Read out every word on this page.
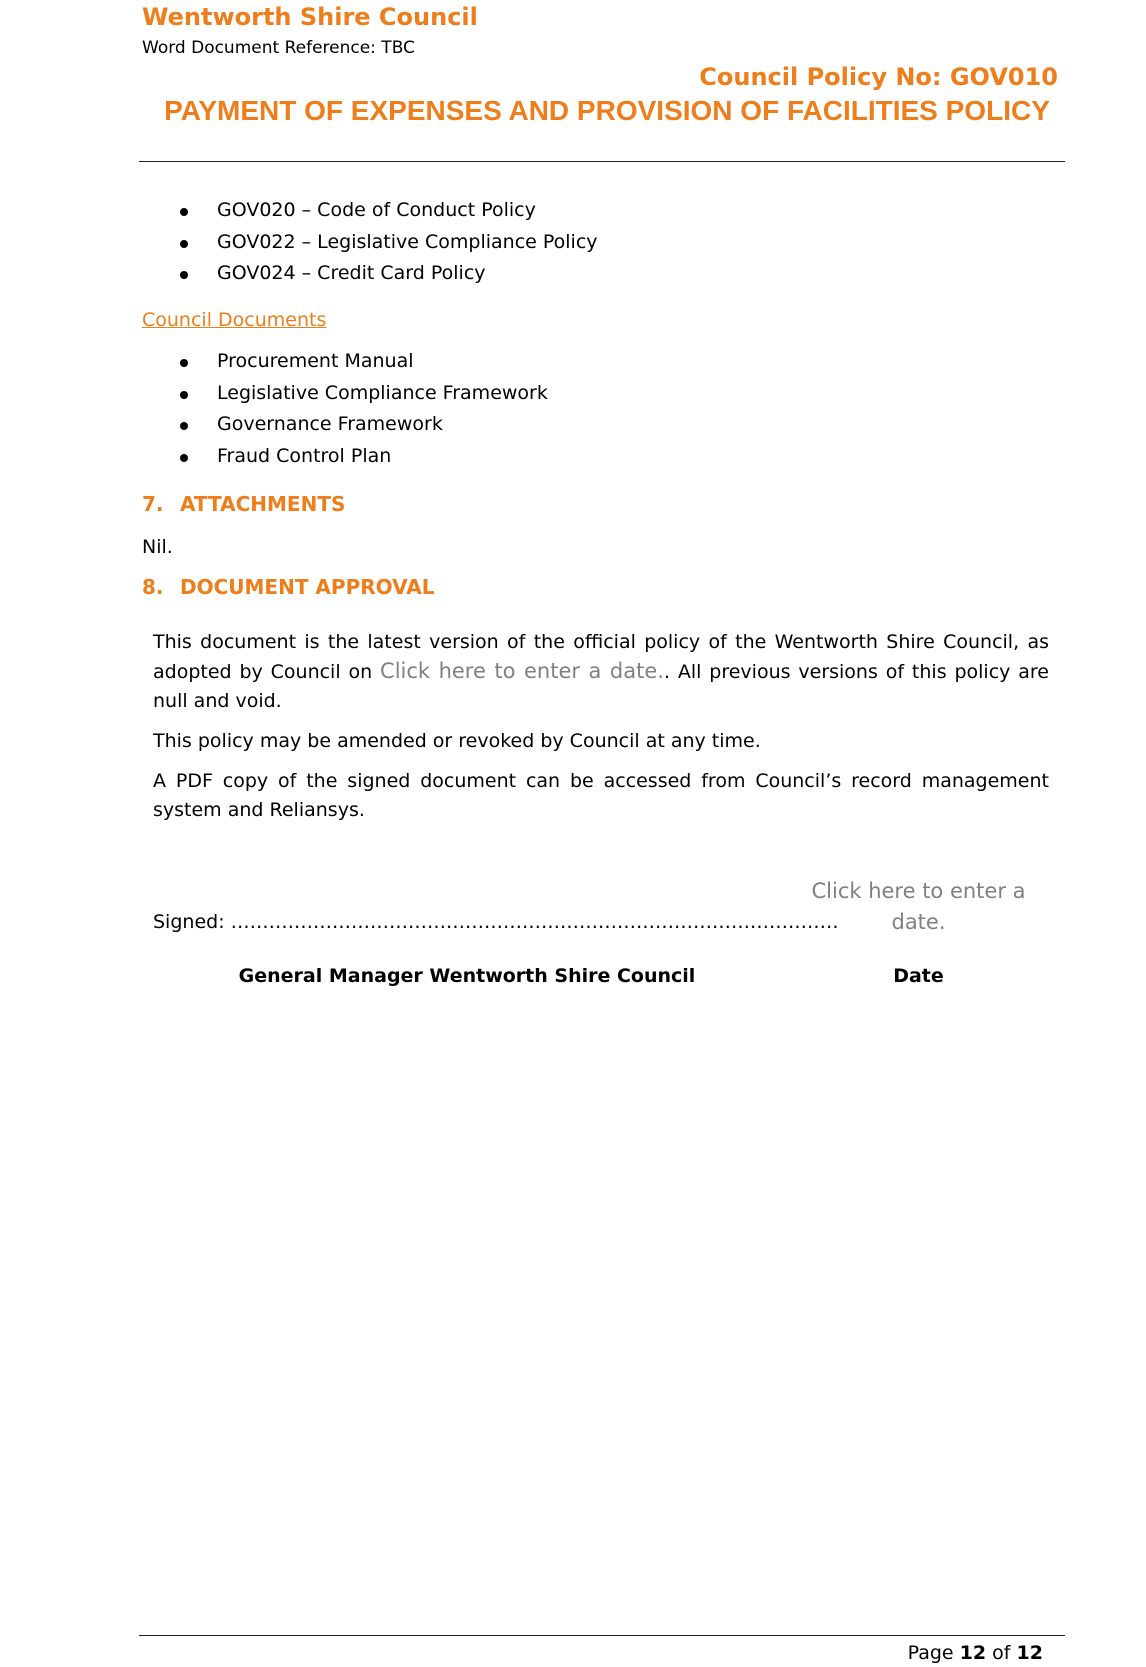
Wentworth Shire Council
Word Document Reference: TBC
Council Policy No: GOV010
PAYMENT OF EXPENSES AND PROVISION OF FACILITIES POLICY
GOV020 – Code of Conduct Policy
GOV022 – Legislative Compliance Policy
GOV024 – Credit Card Policy
Council Documents
Procurement Manual
Legislative Compliance Framework
Governance Framework
Fraud Control Plan
7. ATTACHMENTS
Nil.
8. DOCUMENT APPROVAL

This document is the latest version of the official policy of the Wentworth Shire Council, as adopted by Council on Click here to enter a date.. All previous versions of this policy are null and void.

This policy may be amended or revoked by Council at any time.

A PDF copy of the signed document can be accessed from Council’s record management system and Reliansys.

Signed: ……………………………………………………………………………………
Click here to enter a date.
General Manager Wentworth Shire Council	Date
Page 12 of 12
